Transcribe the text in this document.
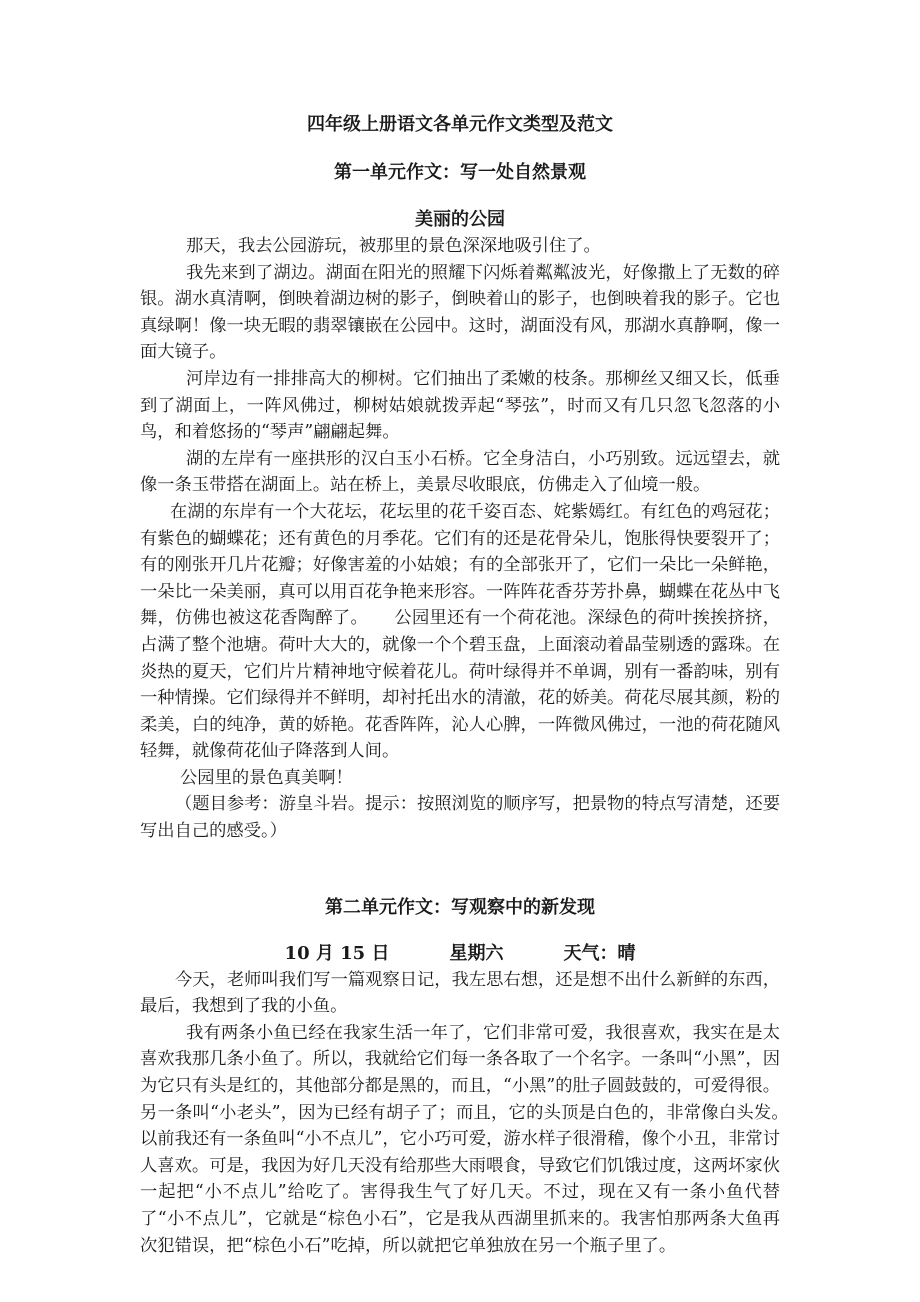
四年级上册语文各单元作文类型及范文
第一单元作文：写一处自然景观
美丽的公园

那天，我去公园游玩，被那里的景色深深地吸引住了。

我先来到了湖边。湖面在阳光的照耀下闪烁着粼粼波光，好像撒上了无数的碎银。湖水真清啊，倒映着湖边树的影子，倒映着山的影子，也倒映着我的影子。它也真绿啊！像一块无暇的翡翠镶嵌在公园中。这时，湖面没有风，那湖水真静啊，像一面大镜子。

河岸边有一排排高大的柳树。它们抽出了柔嫩的枝条。那柳丝又细又长，低垂到了湖面上，一阵风佛过，柳树姑娘就拨弄起“琴弦”，时而又有几只忽飞忽落的小鸟，和着悠扬的“琴声”翩翩起舞。

湖的左岸有一座拱形的汉白玉小石桥。它全身洁白，小巧别致。远远望去，就像一条玉带搭在湖面上。站在桥上，美景尽收眼底，仿佛走入了仙境一般。

在湖的东岸有一个大花坛，花坛里的花千姿百态、姹紫嫣红。有红色的鸡冠花；有紫色的蝴蝶花；还有黄色的月季花。它们有的还是花骨朵儿，饱胀得快要裂开了；有的刚张开几片花瓣；好像害羞的小姑娘；有的全部张开了，它们一朵比一朵鲜艳，一朵比一朵美丽，真可以用百花争艳来形容。一阵阵花香芬芳扑鼻，蝴蝶在花丛中飞舞，仿佛也被这花香陶醉了。　　公园里还有一个荷花池。深绿色的荷叶挨挨挤挤，占满了整个池塘。荷叶大大的，就像一个个碧玉盘，上面滚动着晶莹剔透的露珠。在炎热的夏天，它们片片精神地守候着花儿。荷叶绿得并不单调，别有一番韵味，别有一种情操。它们绿得并不鲜明，却衬托出水的清澈，花的娇美。荷花尽展其颜，粉的柔美，白的纯净，黄的娇艳。花香阵阵，沁人心脾，一阵微风佛过，一池的荷花随风轻舞，就像荷花仙子降落到人间。

公园里的景色真美啊！

（题目参考：游皇斗岩。提示：按照浏览的顺序写，把景物的特点写清楚，还要写出自己的感受。）

第二单元作文：写观察中的新发现
10 月 15 日	星期六	天气：晴

今天，老师叫我们写一篇观察日记，我左思右想，还是想不出什么新鲜的东西，最后，我想到了我的小鱼。

我有两条小鱼已经在我家生活一年了，它们非常可爱，我很喜欢，我实在是太喜欢我那几条小鱼了。所以，我就给它们每一条各取了一个名字。一条叫“小黑”，因为它只有头是红的，其他部分都是黑的，而且，“小黑”的肚子圆鼓鼓的，可爱得很。另一条叫“小老头”，因为已经有胡子了；而且，它的头顶是白色的，非常像白头发。　以前我还有一条鱼叫“小不点儿”，它小巧可爱，游水样子很滑稽，像个小丑，非常讨人喜欢。可是，我因为好几天没有给那些大雨喂食，导致它们饥饿过度，这两坏家伙一起把“小不点儿”给吃了。害得我生气了好几天。不过，现在又有一条小鱼代替了“小不点儿”，它就是“棕色小石”，它是我从西湖里抓来的。我害怕那两条大鱼再次犯错误，把“棕色小石”吃掉，所以就把它单独放在另一个瓶子里了。
